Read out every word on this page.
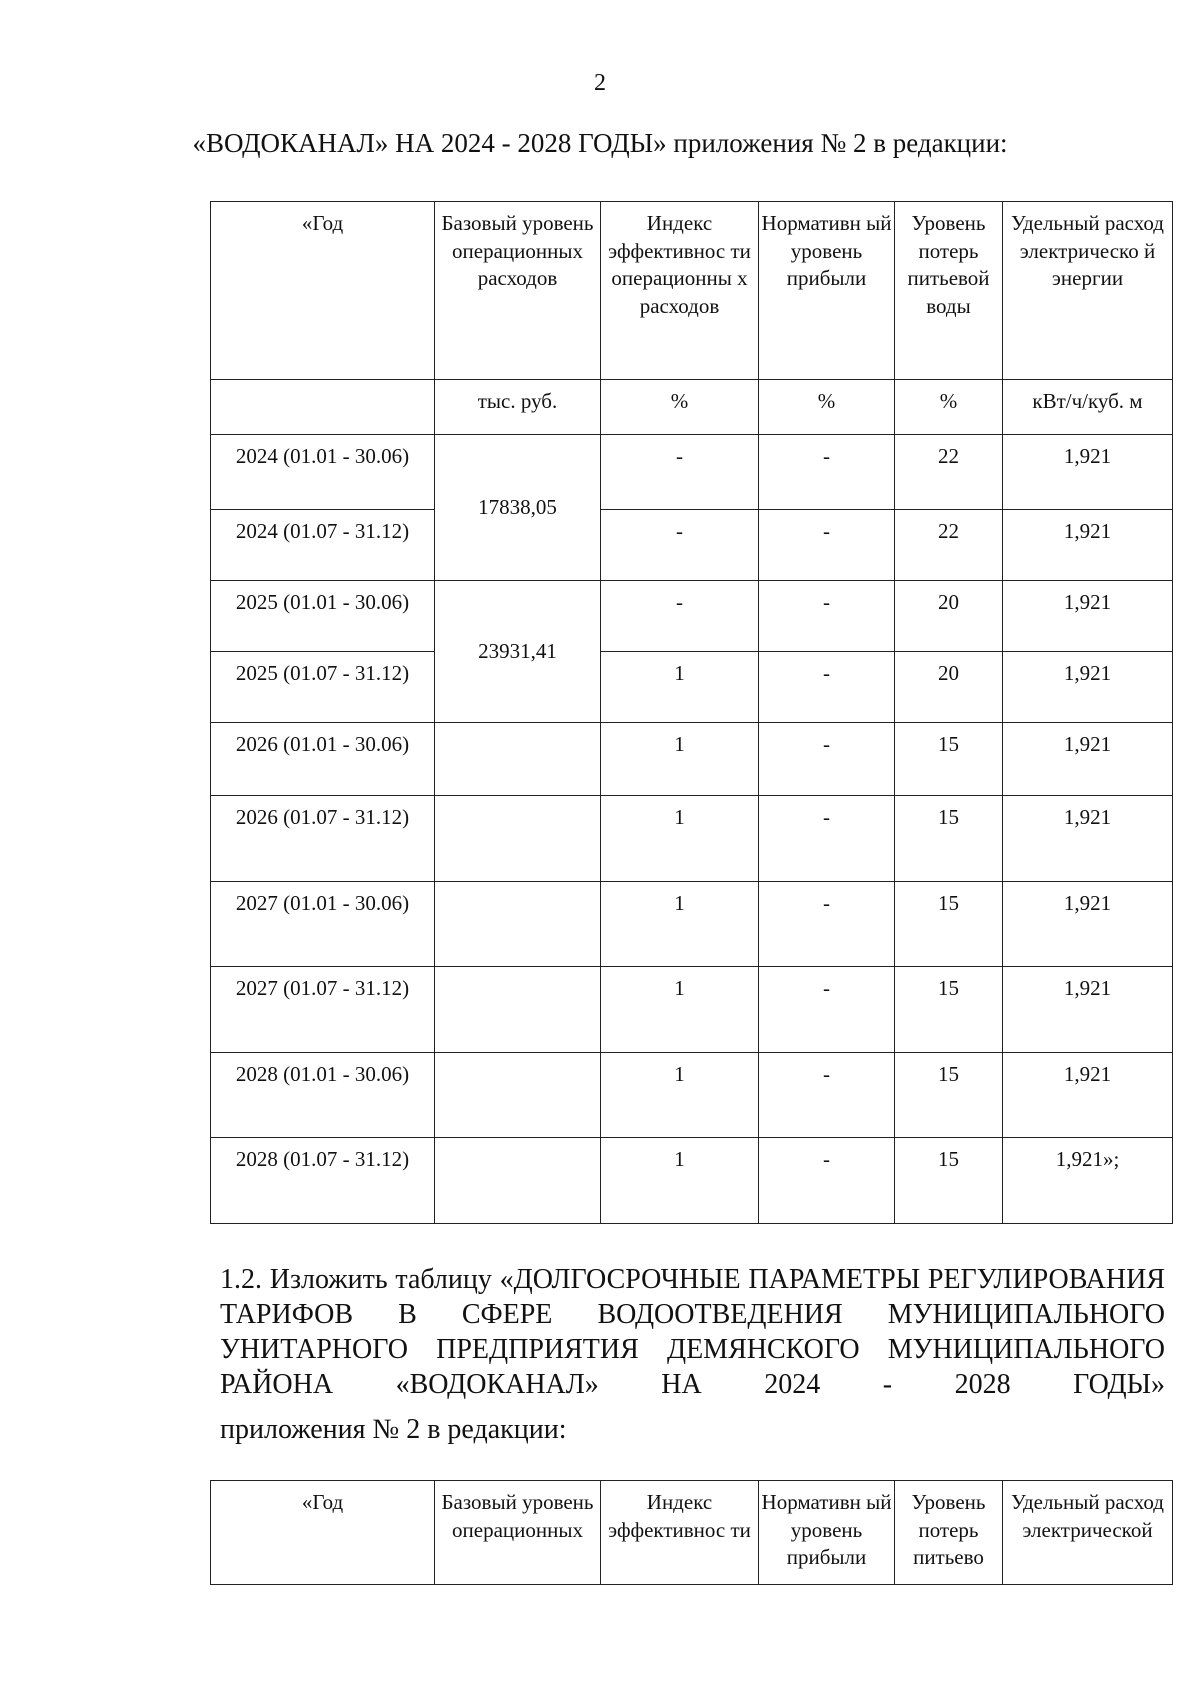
2
«ВОДОКАНАЛ» НА 2024 - 2028 ГОДЫ» приложения № 2 в редакции:
«Год	Базовый уровень операционных расходов	Индекс эффективнос ти операционны х расходов	Нормативн ый уровень прибыли	Уровень потерь питьевой воды	Удельный расход электрическо й энергии
	тыс. руб.	%	%	%	кВт/ч/куб. м
2024 (01.01 - 30.06)	17838,05	-	-	22	1,921
2024 (01.07 - 31.12)		-	-	22	1,921
2025 (01.01 - 30.06)	23931,41	-	-	20	1,921
2025 (01.07 - 31.12)		1	-	20	1,921
2026 (01.01 - 30.06)		1	-	15	1,921
2026 (01.07 - 31.12)		1	-	15	1,921
2027 (01.01 - 30.06)		1	-	15	1,921
2027 (01.07 - 31.12)		1	-	15	1,921
2028 (01.01 - 30.06)		1	-	15	1,921
2028 (01.07 - 31.12)		1	-	15	1,921»;
1.2. Изложить таблицу «ДОЛГОСРОЧНЫЕ ПАРАМЕТРЫ РЕГУЛИРОВАНИЯ ТАРИФОВ В СФЕРЕ ВОДООТВЕДЕНИЯ МУНИЦИПАЛЬНОГО УНИТАРНОГО ПРЕДПРИЯТИЯ ДЕМЯНСКОГО МУНИЦИПАЛЬНОГО РАЙОНА «ВОДОКАНАЛ» НА 2024 - 2028 ГОДЫ»
приложения № 2 в редакции:
«Год	Базовый уровень операционных	Индекс эффективнос ти	Нормативн ый уровень прибыли	Уровень потерь питьево	Удельный расход электрической
